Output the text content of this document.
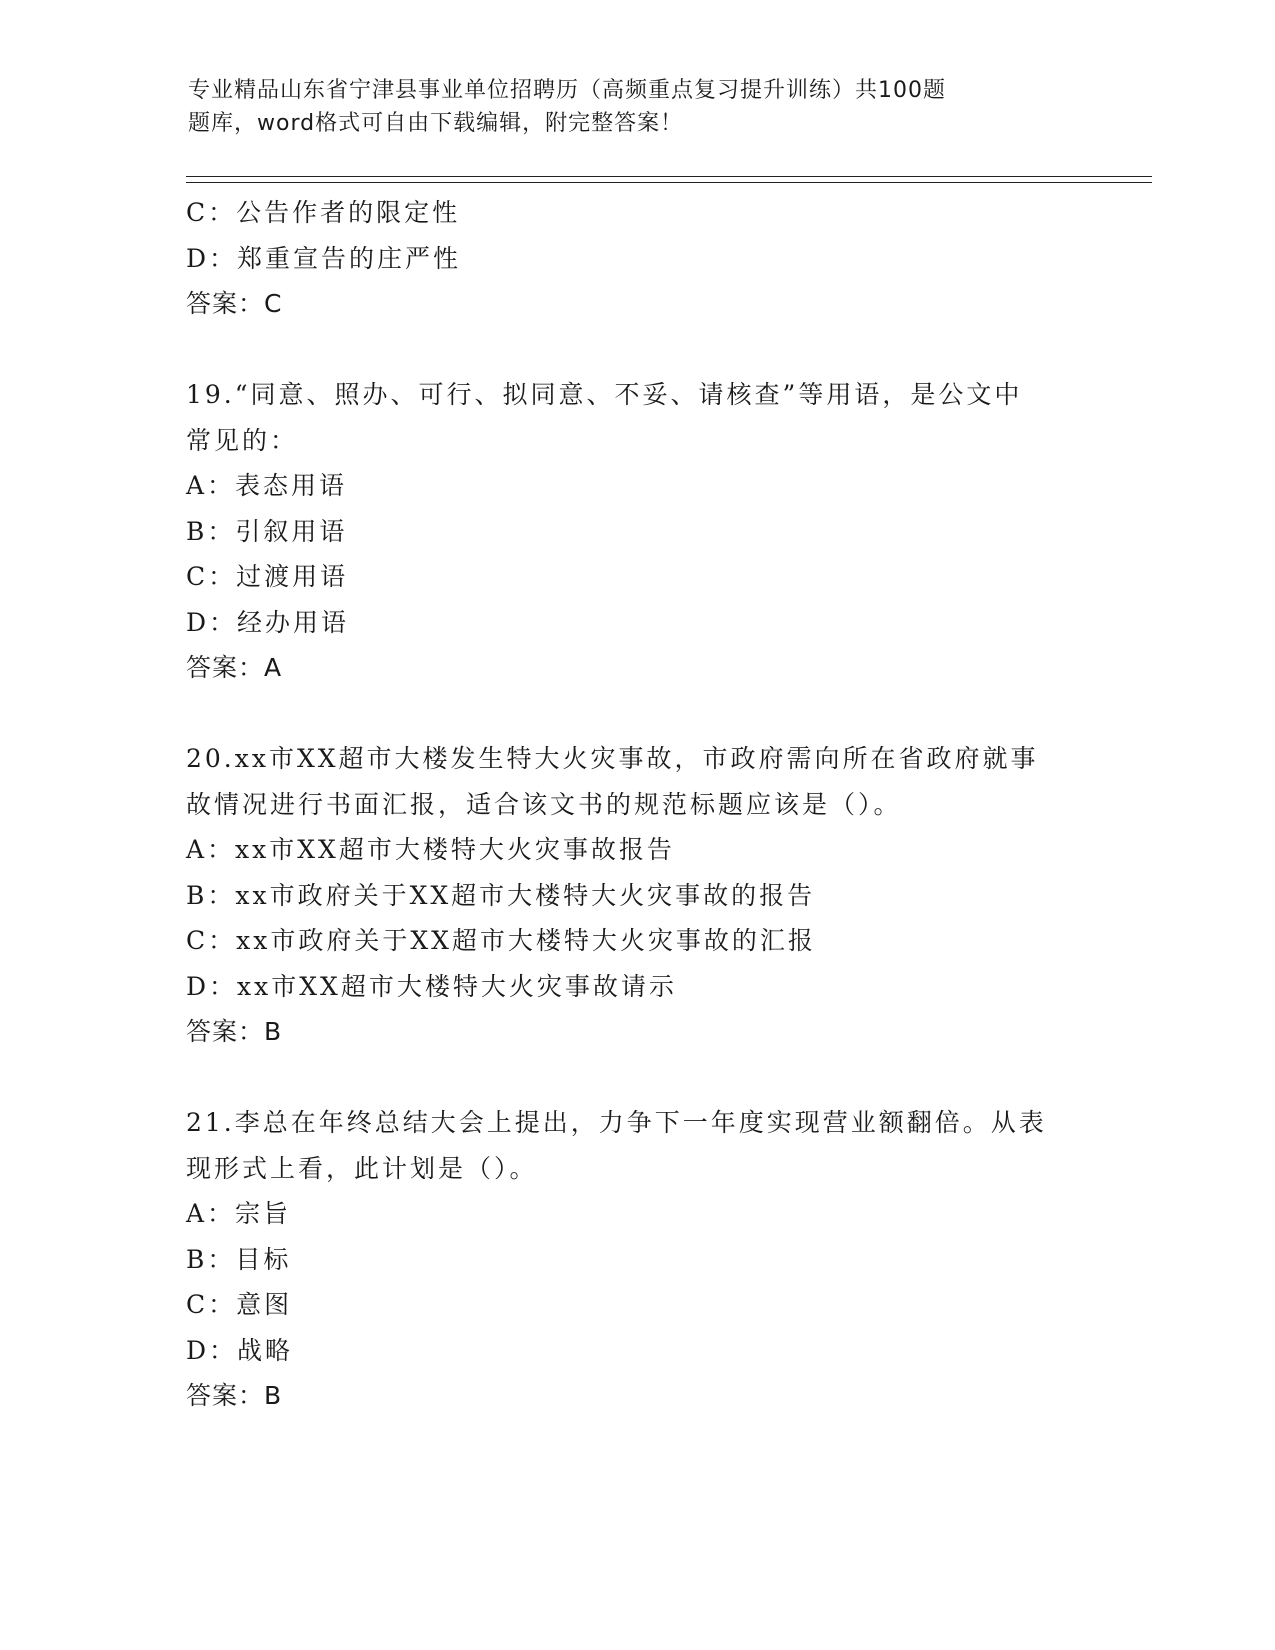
专业精品山东省宁津县事业单位招聘历（高频重点复习提升训练）共100题
题库，word格式可自由下载编辑，附完整答案！
C：公告作者的限定性
D：郑重宣告的庄严性
答案：C
19.“同意、照办、可行、拟同意、不妥、请核查”等用语，是公文中
常见的：
A：表态用语
B：引叙用语
C：过渡用语
D：经办用语
答案：A
20.xx市XX超市大楼发生特大火灾事故，市政府需向所在省政府就事
故情况进行书面汇报，适合该文书的规范标题应该是（）。
A：xx市XX超市大楼特大火灾事故报告
B：xx市政府关于XX超市大楼特大火灾事故的报告
C：xx市政府关于XX超市大楼特大火灾事故的汇报
D：xx市XX超市大楼特大火灾事故请示
答案：B
21.李总在年终总结大会上提出，力争下一年度实现营业额翻倍。从表
现形式上看，此计划是（）。
A：宗旨
B：目标
C：意图
D：战略
答案：B
